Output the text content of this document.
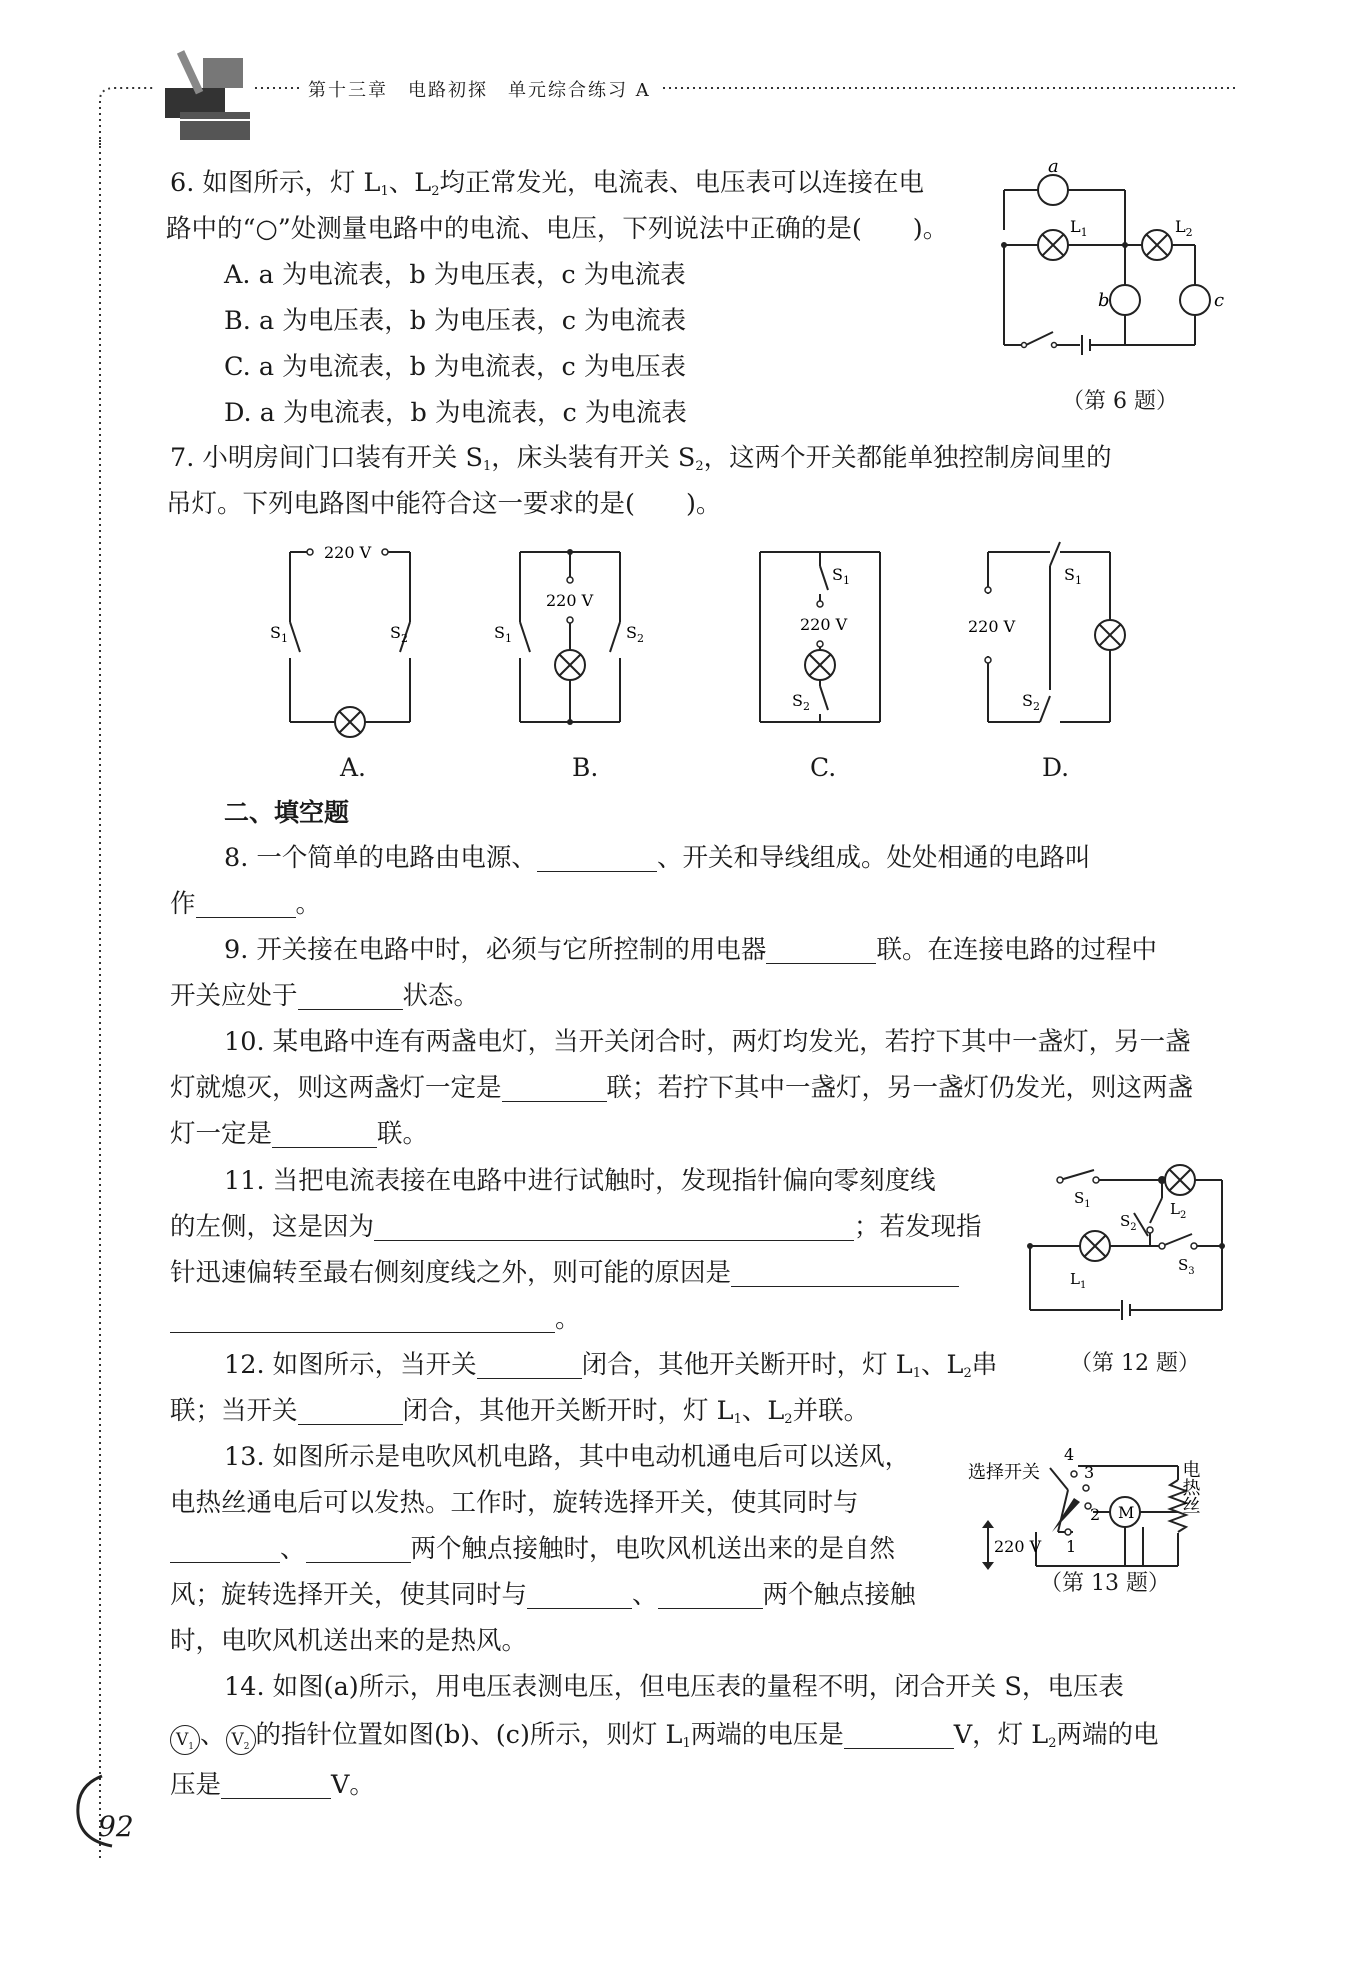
第十三章　 电路初探　 单元综合练习 A
6. 如图所示，灯 $L_1$、$L_2$均正常发光，电流表、电压表可以连接在电
路中的“○”处测量电路中的电流、电压，下列说法中正确的是(　　)。
A. a 为电流表，b 为电压表，c 为电流表
B. a 为电压表，b 为电压表，c 为电流表
C. a 为电流表，b 为电流表，c 为电压表
D. a 为电流表，b 为电流表，c 为电流表
a
$L_1$	$L_2$
b	c
（第 6 题）
7. 小明房间门口装有开关 $S_1$，床头装有开关 $S_2$，这两个开关都能单独控制房间里的
吊灯。下列电路图中能符合这一要求的是(　　)。
220 V
$S_1$	$S_2$
220 V
$S_1$	$S_2$
$S_1$
220 V
$S_2$
220 V
$S_1$
$S_2$
A.	B.	C.	D.
二、填空题
8. 一个简单的电路由电源、	、开关和导线组成。处处相通的电路叫
作	。
9. 开关接在电路中时，必须与它所控制的用电器	联。在连接电路的过程中
开关应处于	状态。
10. 某电路中连有两盏电灯，当开关闭合时，两灯均发光，若拧下其中一盏灯，另一盏
灯就熄灭，则这两盏灯一定是	联；若拧下其中一盏灯，另一盏灯仍发光，则这两盏
灯一定是	联。
11. 当把电流表接在电路中进行试触时，发现指针偏向零刻度线
的左侧，这是因为	；若发现指
针迅速偏转至最右侧刻度线之外，则可能的原因是
。
$S_1$
$S_2$
$L_2$
$L_1$
$S_3$
（第 12 题）
12. 如图所示，当开关	闭合，其他开关断开时，灯 $L_1$、$L_2$串
联；当开关	闭合，其他开关断开时，灯 $L_1$、$L_2$并联。
13. 如图所示是电吹风机电路，其中电动机通电后可以送风，
电热丝通电后可以发热。工作时，旋转选择开关，使其同时与
、	两个触点接触时，电吹风机送出来的是自然
风；旋转选择开关，使其同时与	、	两个触点接触
时，电吹风机送出来的是热风。
选择开关
4
3
2
1
220 V
M	电热丝
（第 13 题）
14. 如图(a)所示，用电压表测电压，但电压表的量程不明，闭合开关 S，电压表
$V_1$ 、 $V_2$ 的指针位置如图(b)、(c)所示，则灯 $L_1$两端的电压是	V，灯 $L_2$两端的电
压是	V。
92
